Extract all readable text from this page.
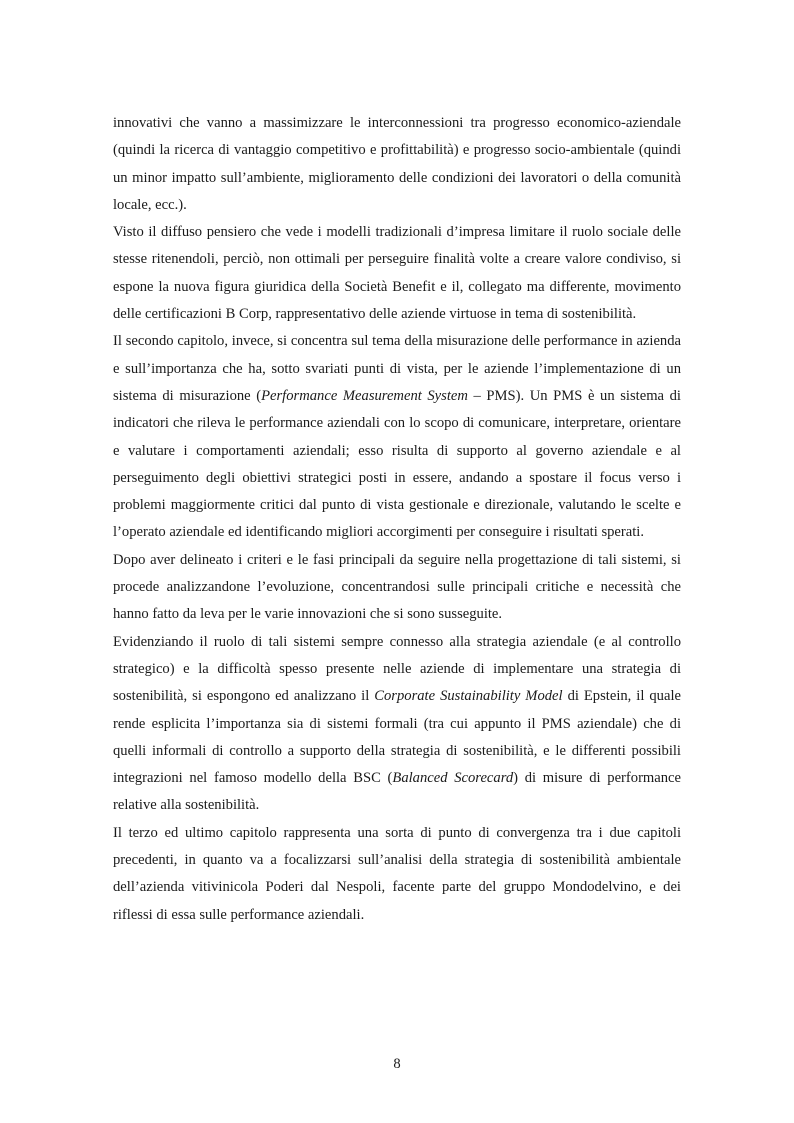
innovativi che vanno a massimizzare le interconnessioni tra progresso economico-aziendale (quindi la ricerca di vantaggio competitivo e profittabilità) e progresso socio-ambientale (quindi un minor impatto sull’ambiente, miglioramento delle condizioni dei lavoratori o della comunità locale, ecc.).

Visto il diffuso pensiero che vede i modelli tradizionali d’impresa limitare il ruolo sociale delle stesse ritenendoli, perciò, non ottimali per perseguire finalità volte a creare valore condiviso, si espone la nuova figura giuridica della Società Benefit e il, collegato ma differente, movimento delle certificazioni B Corp, rappresentativo delle aziende virtuose in tema di sostenibilità.

Il secondo capitolo, invece, si concentra sul tema della misurazione delle performance in azienda e sull’importanza che ha, sotto svariati punti di vista, per le aziende l’implementazione di un sistema di misurazione (Performance Measurement System – PMS). Un PMS è un sistema di indicatori che rileva le performance aziendali con lo scopo di comunicare, interpretare, orientare e valutare i comportamenti aziendali; esso risulta di supporto al governo aziendale e al perseguimento degli obiettivi strategici posti in essere, andando a spostare il focus verso i problemi maggiormente critici dal punto di vista gestionale e direzionale, valutando le scelte e l’operato aziendale ed identificando migliori accorgimenti per conseguire i risultati sperati.

Dopo aver delineato i criteri e le fasi principali da seguire nella progettazione di tali sistemi, si procede analizzandone l’evoluzione, concentrandosi sulle principali critiche e necessità che hanno fatto da leva per le varie innovazioni che si sono susseguite.

Evidenziando il ruolo di tali sistemi sempre connesso alla strategia aziendale (e al controllo strategico) e la difficoltà spesso presente nelle aziende di implementare una strategia di sostenibilità, si espongono ed analizzano il Corporate Sustainability Model di Epstein, il quale rende esplicita l’importanza sia di sistemi formali (tra cui appunto il PMS aziendale) che di quelli informali di controllo a supporto della strategia di sostenibilità, e le differenti possibili integrazioni nel famoso modello della BSC (Balanced Scorecard) di misure di performance relative alla sostenibilità.

Il terzo ed ultimo capitolo rappresenta una sorta di punto di convergenza tra i due capitoli precedenti, in quanto va a focalizzarsi sull’analisi della strategia di sostenibilità ambientale dell’azienda vitivinicola Poderi dal Nespoli, facente parte del gruppo Mondodelvino, e dei riflessi di essa sulle performance aziendali.

8
